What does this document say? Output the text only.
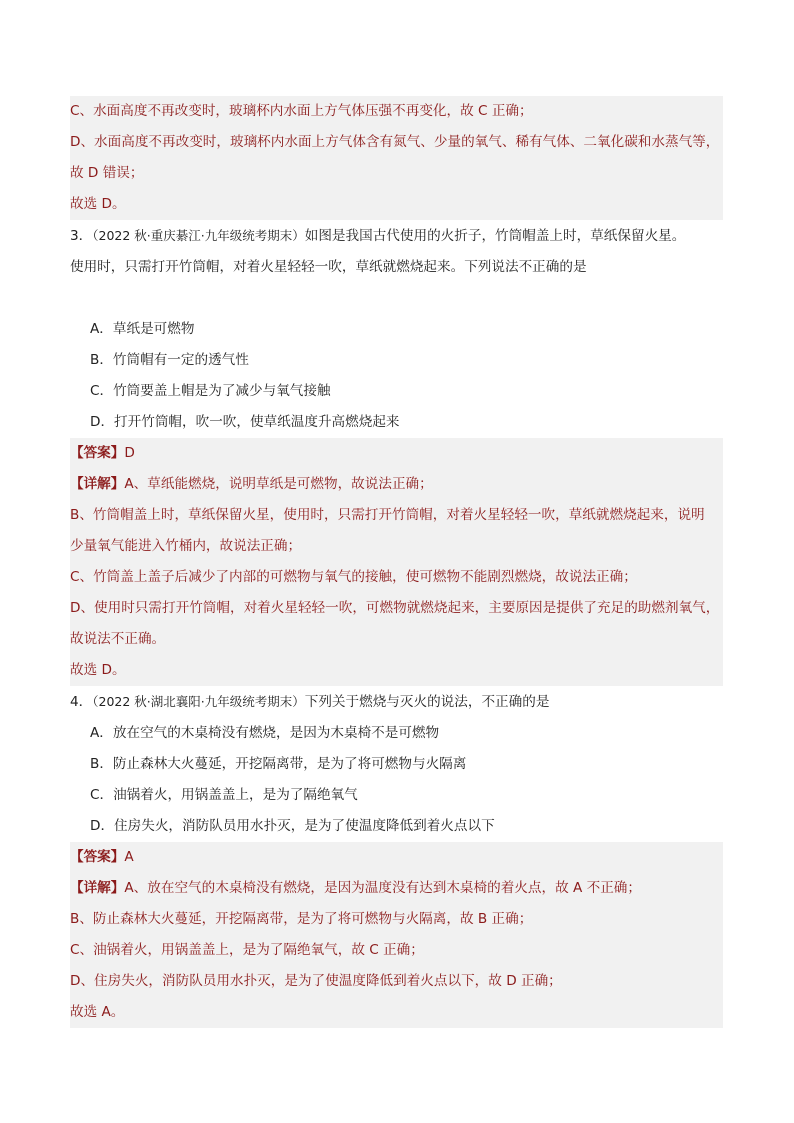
C、水面高度不再改变时，玻璃杯内水面上方气体压强不再变化，故 C 正确；
D、水面高度不再改变时，玻璃杯内水面上方气体含有氮气、少量的氧气、稀有气体、二氧化碳和水蒸气等，
故 D 错误；
故选 D。
3．（2022 秋·重庆綦江·九年级统考期末）如图是我国古代使用的火折子，竹筒帽盖上时，草纸保留火星。
使用时，只需打开竹筒帽，对着火星轻轻一吹，草纸就燃烧起来。下列说法不正确的是
A．草纸是可燃物
B．竹筒帽有一定的透气性
C．竹筒要盖上帽是为了减少与氧气接触
D．打开竹筒帽，吹一吹，使草纸温度升高燃烧起来
【答案】D
【详解】A、草纸能燃烧，说明草纸是可燃物，故说法正确；
B、竹筒帽盖上时，草纸保留火星，使用时，只需打开竹筒帽，对着火星轻轻一吹，草纸就燃烧起来，说明
少量氧气能进入竹桶内，故说法正确；
C、竹筒盖上盖子后减少了内部的可燃物与氧气的接触，使可燃物不能剧烈燃烧，故说法正确；
D、使用时只需打开竹筒帽，对着火星轻轻一吹，可燃物就燃烧起来，主要原因是提供了充足的助燃剂氧气，
故说法不正确。
故选 D。
4．（2022 秋·湖北襄阳·九年级统考期末）下列关于燃烧与灭火的说法，不正确的是
A．放在空气的木桌椅没有燃烧，是因为木桌椅不是可燃物
B．防止森林大火蔓延，开挖隔离带，是为了将可燃物与火隔离
C．油锅着火，用锅盖盖上，是为了隔绝氧气
D．住房失火，消防队员用水扑灭，是为了使温度降低到着火点以下
【答案】A
【详解】A、放在空气的木桌椅没有燃烧，是因为温度没有达到木桌椅的着火点，故 A 不正确；
B、防止森林大火蔓延，开挖隔离带，是为了将可燃物与火隔离，故 B 正确；
C、油锅着火，用锅盖盖上，是为了隔绝氧气，故 C 正确；
D、住房失火，消防队员用水扑灭，是为了使温度降低到着火点以下，故 D 正确；
故选 A。
